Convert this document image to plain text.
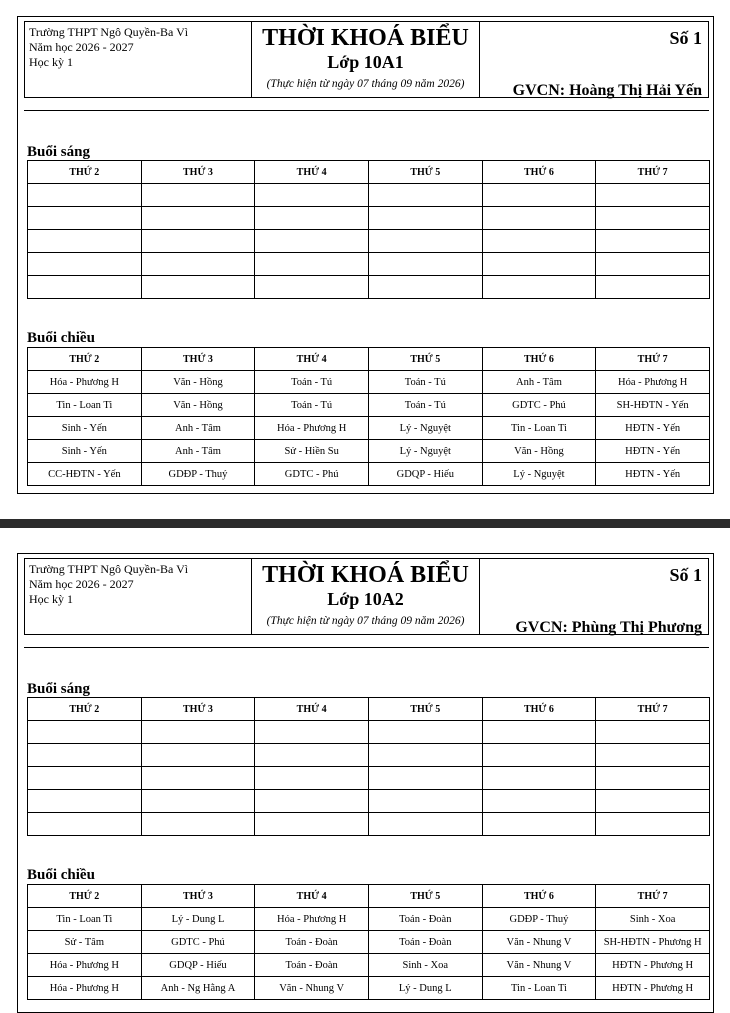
Trường THPT Ngô Quyền-Ba Vì
Năm học 2026 - 2027
Học kỳ 1
THỜI KHOÁ BIỂU
Lớp 10A1
(Thực hiện từ ngày 07 tháng 09 năm 2026)
Số 1
GVCN: Hoàng Thị Hải Yến
Buổi sáng
THỨ 2	THỨ 3	THỨ 4	THỨ 5	THỨ 6	THỨ 7

Buổi chiều
THỨ 2	THỨ 3	THỨ 4	THỨ 5	THỨ 6	THỨ 7
Hóa - Phương H	Văn - Hồng	Toán - Tú	Toán - Tú	Anh - Tâm	Hóa - Phương H
Tin - Loan Ti	Văn - Hồng	Toán - Tú	Toán - Tú	GDTC - Phú	SH-HĐTN - Yến
Sinh - Yến	Anh - Tâm	Hóa - Phương H	Lý - Nguyệt	Tin - Loan Ti	HĐTN - Yến
Sinh - Yến	Anh - Tâm	Sử - Hiền Su	Lý - Nguyệt	Văn - Hồng	HĐTN - Yến
CC-HĐTN - Yến	GDĐP - Thuý	GDTC - Phú	GDQP - Hiếu	Lý - Nguyệt	HĐTN - Yến
Trường THPT Ngô Quyền-Ba Vì
Năm học 2026 - 2027
Học kỳ 1
THỜI KHOÁ BIỂU
Lớp 10A2
(Thực hiện từ ngày 07 tháng 09 năm 2026)
Số 1
GVCN: Phùng Thị Phương
Buổi sáng
THỨ 2	THỨ 3	THỨ 4	THỨ 5	THỨ 6	THỨ 7

Buổi chiều
THỨ 2	THỨ 3	THỨ 4	THỨ 5	THỨ 6	THỨ 7
Tin - Loan Ti	Lý - Dung L	Hóa - Phương H	Toán - Đoàn	GDĐP - Thuý	Sinh - Xoa
Sử - Tâm	GDTC - Phú	Toán - Đoàn	Toán - Đoàn	Văn - Nhung V	SH-HĐTN - Phương H
Hóa - Phương H	GDQP - Hiếu	Toán - Đoàn	Sinh - Xoa	Văn - Nhung V	HĐTN - Phương H
Hóa - Phương H	Anh - Ng Hằng A	Văn - Nhung V	Lý - Dung L	Tin - Loan Ti	HĐTN - Phương H
